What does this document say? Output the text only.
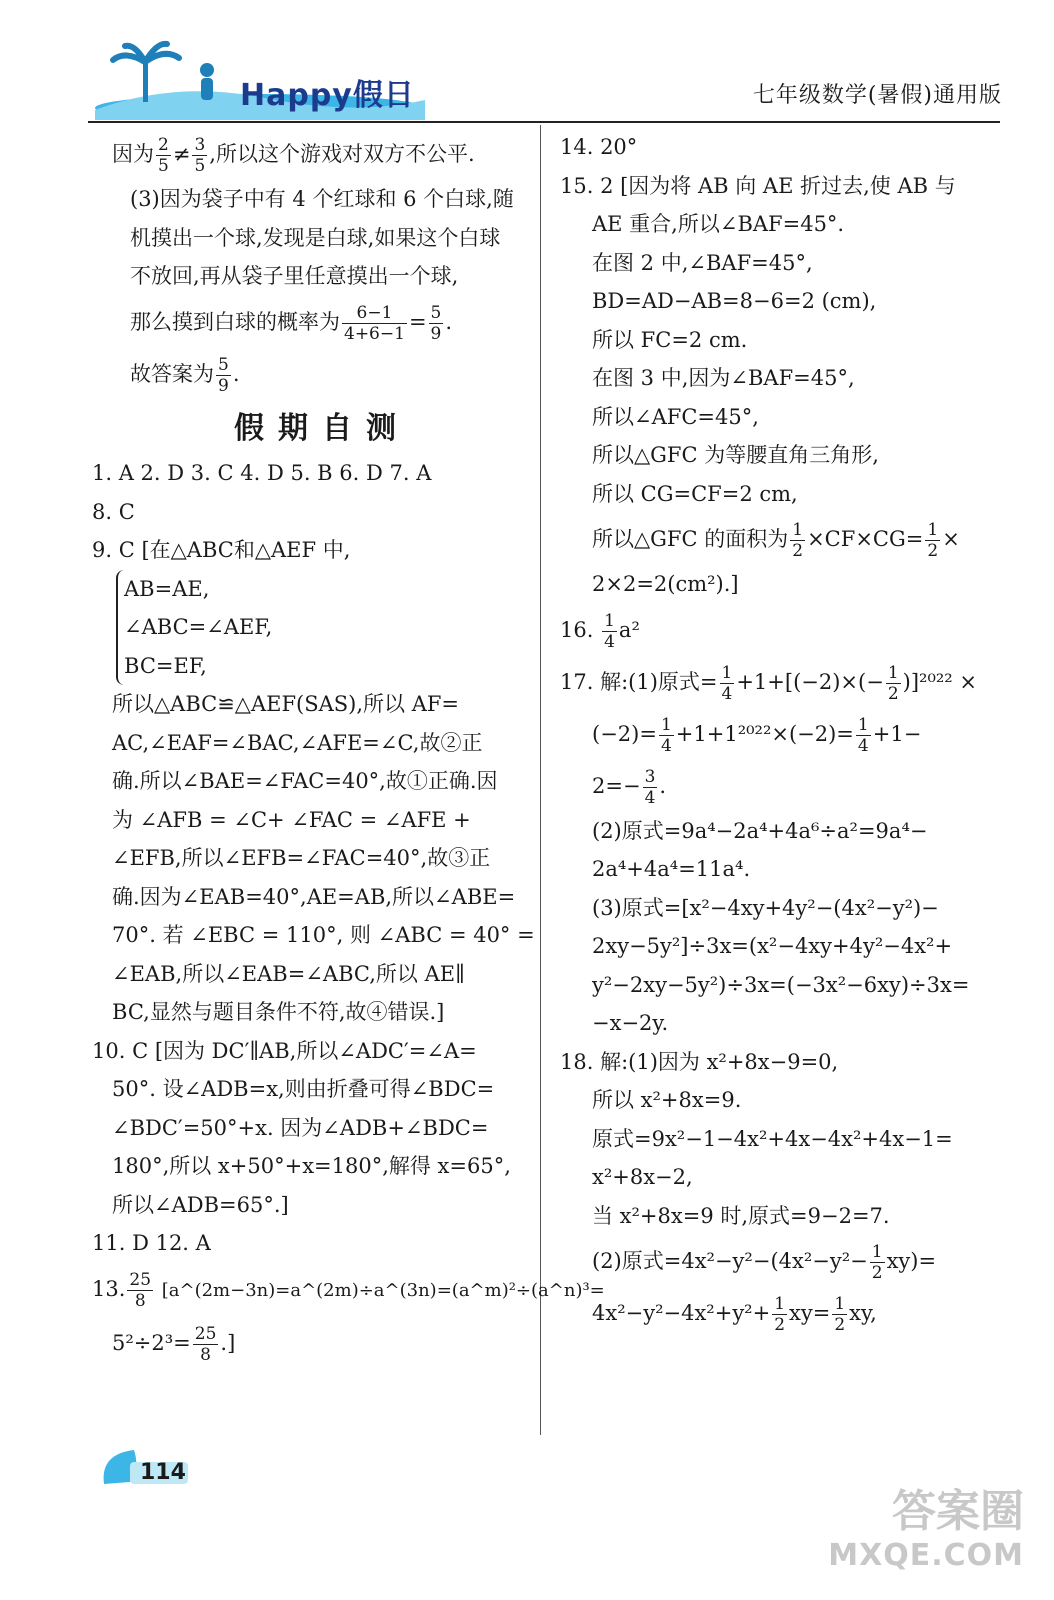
Happy假日	七年级数学(暑假)通用版
因为 $\frac{2}{5} \ne \frac{3}{5}$ ,所以这个游戏对双方不公平.
(3)因为袋子中有 4 个红球和 6 个白球,随
机摸出一个球,发现是白球,如果这个白球
不放回,再从袋子里任意摸出一个球,
那么摸到白球的概率为 $\frac{6-1}{4+6-1} = \frac{5}{9}$ .
故答案为 $\frac{5}{9}$ .
假期自测
1. A 2. D 3. C 4. D 5. B 6. D 7. A
8. C
9. C [在△ABC和△AEF 中,
AB=AE,
∠ABC=∠AEF,
BC=EF,
所以△ABC≌△AEF(SAS),所以 AF=
AC,∠EAF=∠BAC,∠AFE=∠C,故②正
确.所以∠BAE=∠FAC=40°,故①正确.因
为 ∠AFB = ∠C+ ∠FAC = ∠AFE +
∠EFB,所以∠EFB=∠FAC=40°,故③正
确.因为∠EAB=40°,AE=AB,所以∠ABE=
70°. 若 ∠EBC = 110°, 则 ∠ABC = 40° =
∠EAB,所以∠EAB=∠ABC,所以 AE∥
BC,显然与题目条件不符,故④错误.]
10. C [因为 DC′∥AB,所以∠ADC′=∠A=
50°. 设∠ADB=x,则由折叠可得∠BDC=
∠BDC′=50°+x. 因为∠ADB+∠BDC=
180°,所以 x+50°+x=180°,解得 x=65°,
所以∠ADB=65°.]
11. D 12. A
13. $\frac{25}{8}$ [a^(2m−3n)=a^(2m)÷a^(3n)=(a^m)²÷(a^n)³=
$5^2\div 2^3= \frac{25}{8}$ .]
14. 20°
15. 2 [因为将 AB 向 AE 折过去,使 AB 与
AE 重合,所以∠BAF=45°.
在图 2 中,∠BAF=45°,
BD=AD−AB=8−6=2 (cm),
所以 FC=2 cm.
在图 3 中,因为∠BAF=45°,
所以∠AFC=45°,
所以△GFC 为等腰直角三角形,
所以 CG=CF=2 cm,
所以△GFC 的面积为 $\frac{1}{2} \times CF\times CG= \frac{1}{2}$ ×
2×2=2(cm²).]
16. $\frac{1}{4} a^2$
17. 解:(1)原式= $\frac{1}{4} +1+[(-2)\times(- \frac{1}{2} )]^{2022}$ ×
$(-2)= \frac{1}{4} +1+1^{2022}\times(-2)= \frac{1}{4} +1-$
$2=- \frac{3}{4}$ .
(2)原式=9a⁴−2a⁴+4a⁶÷a²=9a⁴−
2a⁴+4a⁴=11a⁴.
(3)原式=[x²−4xy+4y²−(4x²−y²)−
2xy−5y²]÷3x=(x²−4xy+4y²−4x²+
y²−2xy−5y²)÷3x=(−3x²−6xy)÷3x=
−x−2y.
18. 解:(1)因为 x²+8x−9=0,
所以 x²+8x=9.
原式=9x²−1−4x²+4x−4x²+4x−1=
x²+8x−2,
当 x²+8x=9 时,原式=9−2=7.
(2)原式$=4x^2-y^2-(4x^2-y^2- \frac{1}{2} xy)=$
$4x^2-y^2-4x^2+y^2+ \frac{1}{2} xy= \frac{1}{2}$ xy,
114
答案圈
MXQE.COM
